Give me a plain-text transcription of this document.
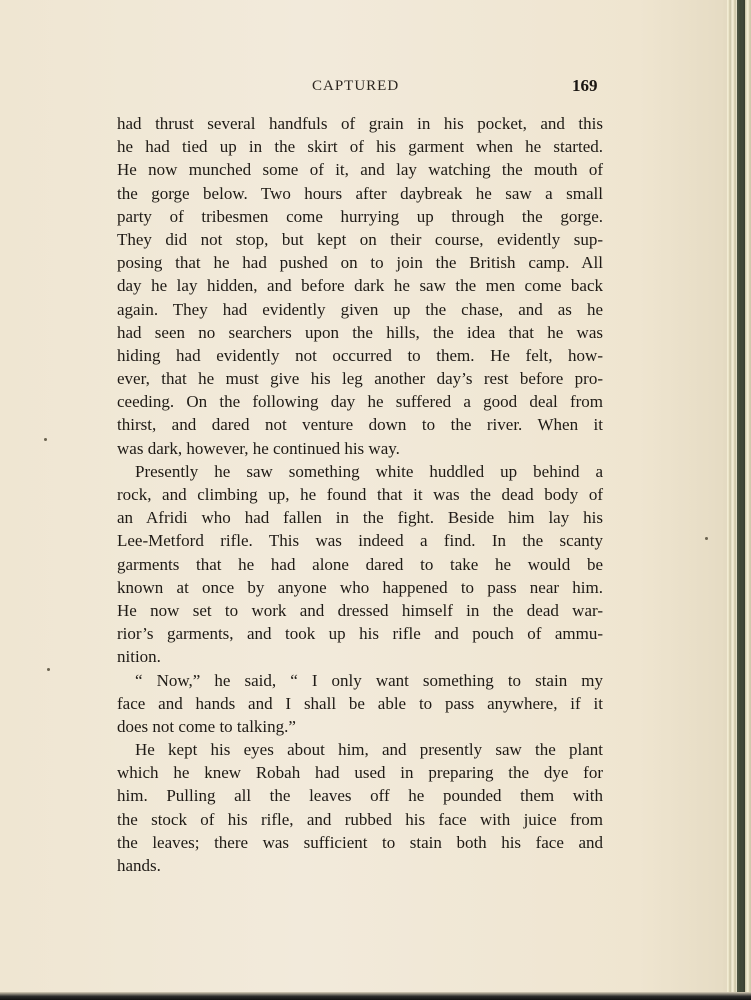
CAPTURED	169
had thrust several handfuls of grain in his pocket, and this
he had tied up in the skirt of his garment when he started.
He now munched some of it, and lay watching the mouth of
the gorge below. Two hours after daybreak he saw a small
party of tribesmen come hurrying up through the gorge.
They did not stop, but kept on their course, evidently sup-
posing that he had pushed on to join the British camp. All
day he lay hidden, and before dark he saw the men come back
again. They had evidently given up the chase, and as he
had seen no searchers upon the hills, the idea that he was
hiding had evidently not occurred to them. He felt, how-
ever, that he must give his leg another day’s rest before pro-
ceeding. On the following day he suffered a good deal from
thirst, and dared not venture down to the river. When it
was dark, however, he continued his way.
Presently he saw something white huddled up behind a
rock, and climbing up, he found that it was the dead body of
an Afridi who had fallen in the fight. Beside him lay his
Lee-Metford rifle. This was indeed a find. In the scanty
garments that he had alone dared to take he would be
known at once by anyone who happened to pass near him.
He now set to work and dressed himself in the dead war-
rior’s garments, and took up his rifle and pouch of ammu-
nition.
“ Now,” he said, “ I only want something to stain my
face and hands and I shall be able to pass anywhere, if it
does not come to talking.”
He kept his eyes about him, and presently saw the plant
which he knew Robah had used in preparing the dye for
him. Pulling all the leaves off he pounded them with
the stock of his rifle, and rubbed his face with juice from
the leaves; there was sufficient to stain both his face and
hands.
